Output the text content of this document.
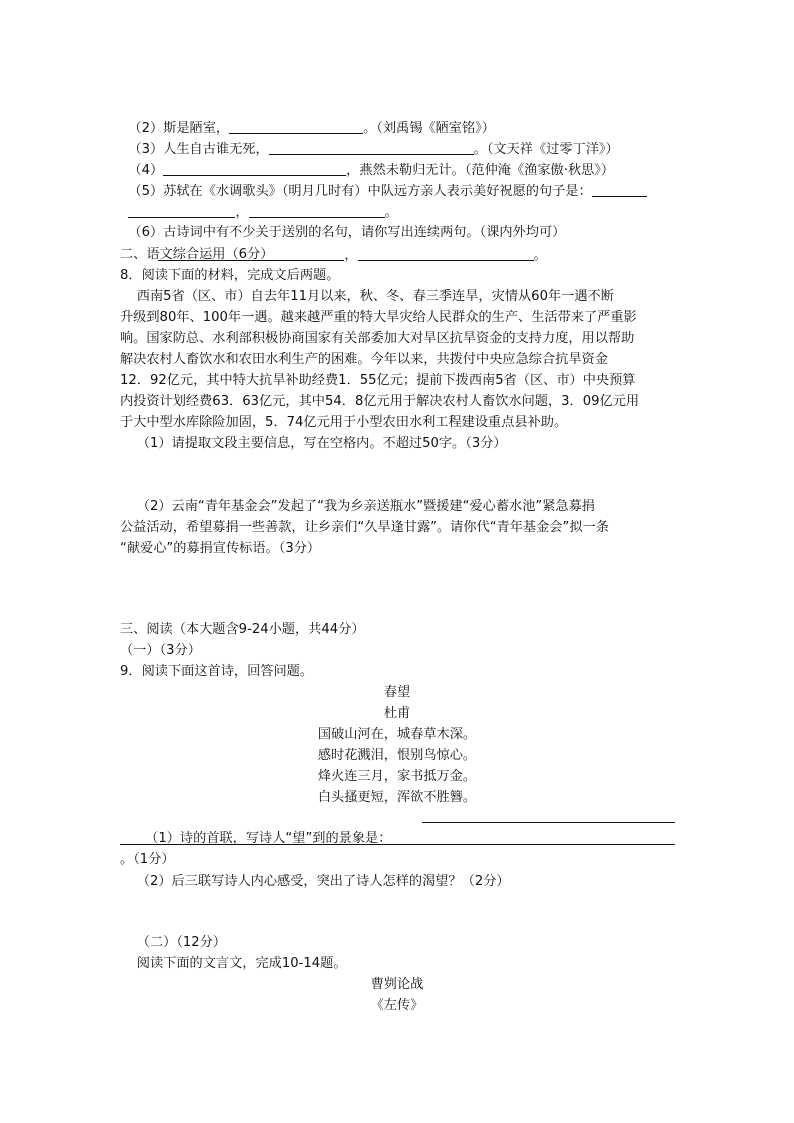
（2）斯是陋室，	。（刘禹锡《陋室铭》）

（3）人生自古谁无死，	。（文天祥《过零丁洋》）

（4）	，燕然未勒归无计。（范仲淹《渔家傲·秋思》）

（5）苏轼在《水调歌头》（明月几时有）中队远方亲人表示美好祝愿的句子是：

，	。

（6）古诗词中有不少关于送别的名句，请你写出连续两句。（课内外均可）

，	。

二、语文综合运用（6分）
8．阅读下面的材料，完成文后两题。
西南5省（区、市）自去年11月以来，秋、冬、春三季连旱，灾情从60年一遇不断
升级到80年、100年一遇。越来越严重的特大旱灾给人民群众的生产、生活带来了严重影
响。国家防总、水利部积极协商国家有关部委加大对旱区抗旱资金的支持力度，用以帮助
解决农村人畜饮水和农田水利生产的困难。今年以来，共拨付中央应急综合抗旱资金
12．92亿元，其中特大抗旱补助经费1．55亿元；提前下拨西南5省（区、市）中央预算
内投资计划经费63．63亿元，其中54．8亿元用于解决农村人畜饮水问题，3．09亿元用
于大中型水库除险加固，5．74亿元用于小型农田水利工程建设重点县补助。
（1）请提取文段主要信息，写在空格内。不超过50字。（3分）
（2）云南“青年基金会”发起了“我为乡亲送瓶水”暨援建“爱心蓄水池”紧急募捐
公益活动，希望募捐一些善款，让乡亲们“久旱逢甘露”。请你代“青年基金会”拟一条
“献爱心”的募捐宣传标语。（3分）
三、阅读（本大题含9-24小题，共44分）
（一）（3分）
9．阅读下面这首诗，回答问题。
春望
杜甫
国破山河在，城春草木深。
感时花溅泪，恨别鸟惊心。
烽火连三月，家书抵万金。
白头搔更短，浑欲不胜簪。

（1）诗的首联，写诗人“望”到的景象是：

。（1分）
（2）后三联写诗人内心感受，突出了诗人怎样的渴望？（2分）
（二）（12分）
阅读下面的文言文，完成10-14题。
曹刿论战
《左传》
